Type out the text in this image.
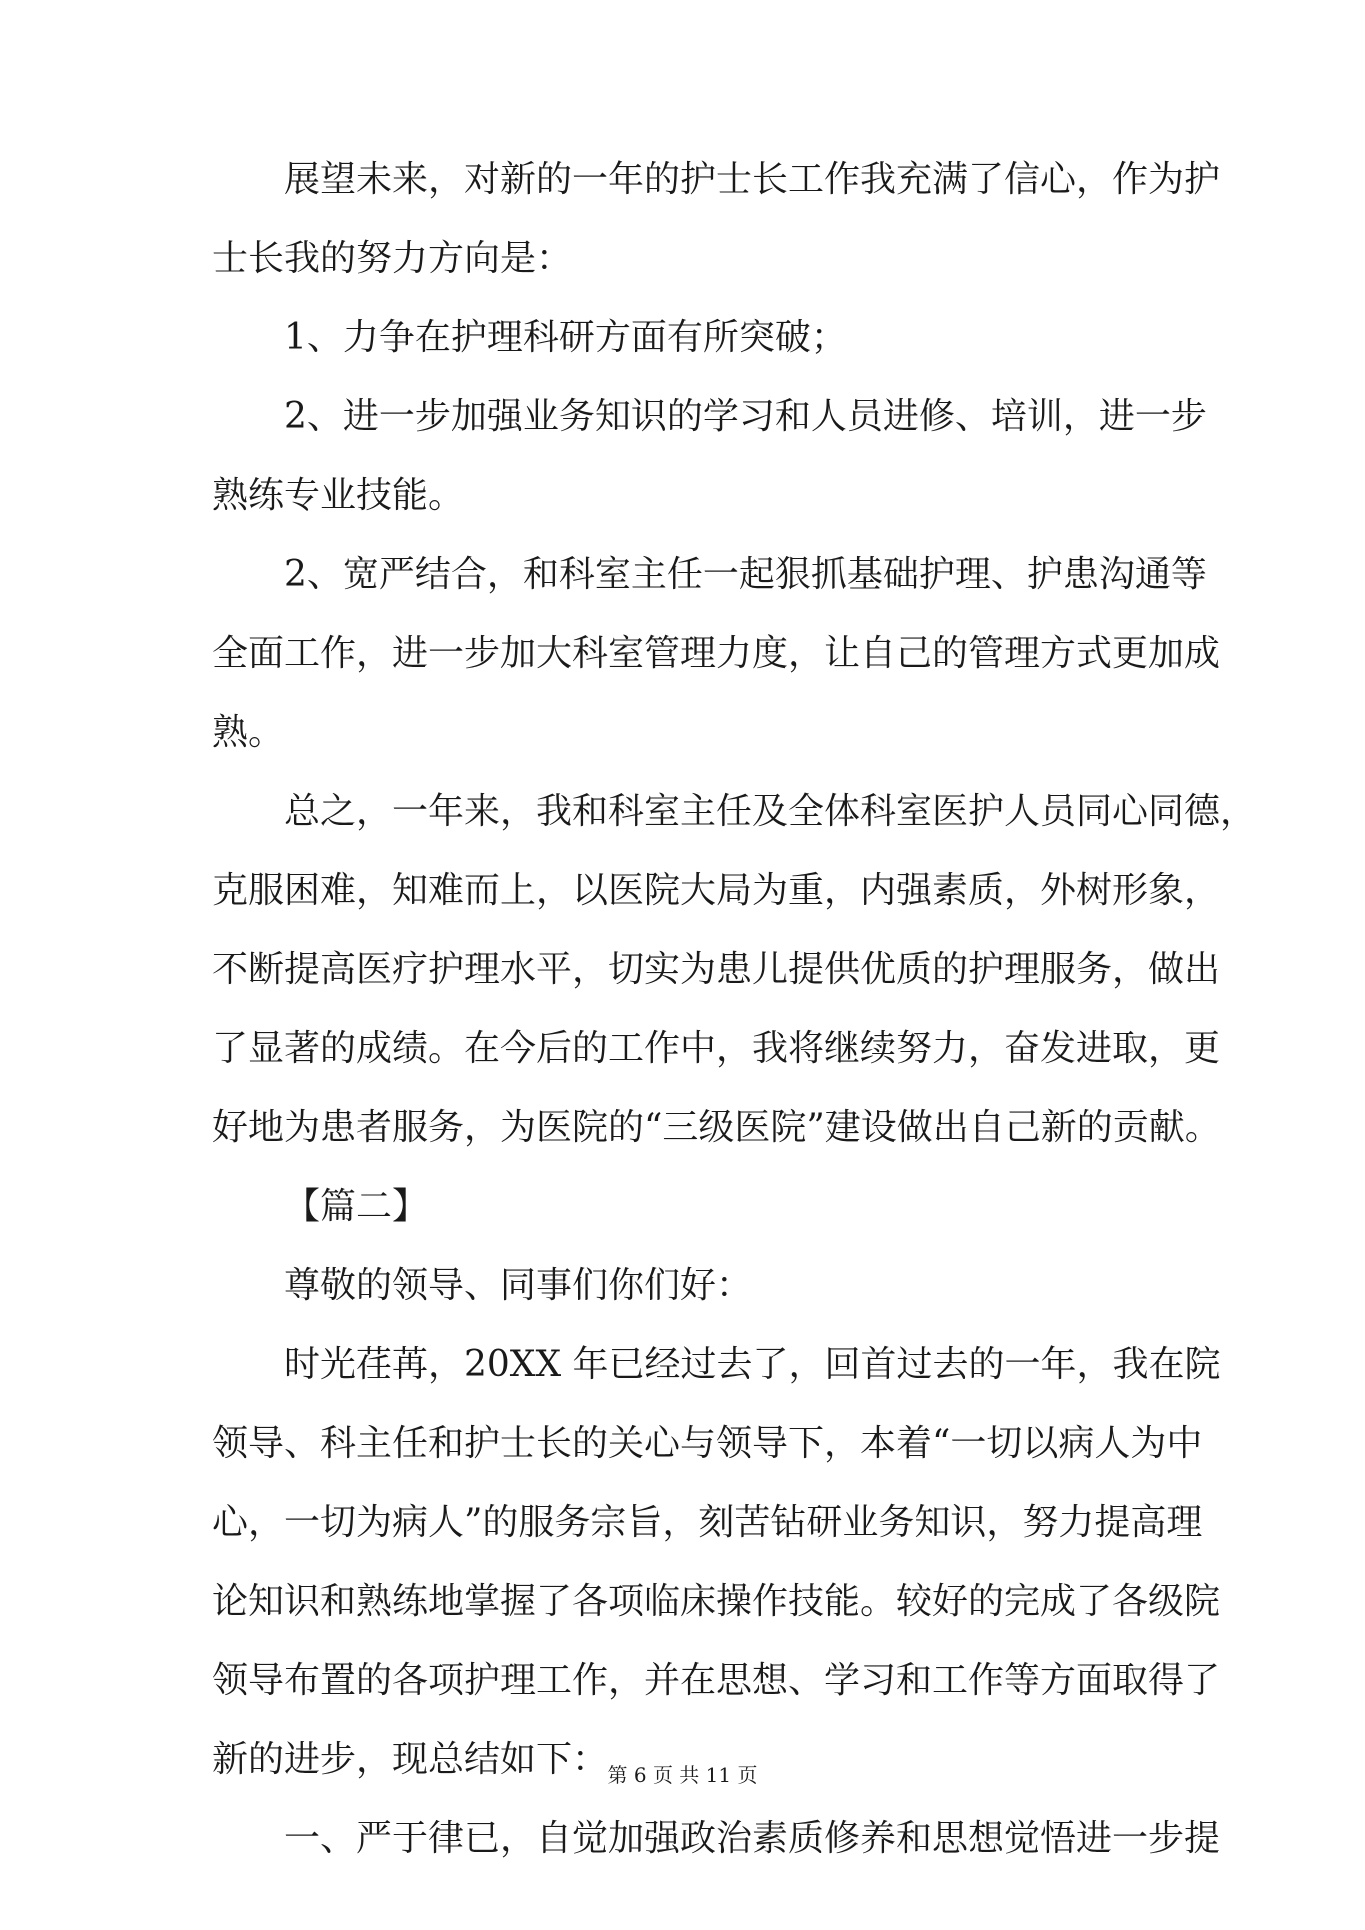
展望未来，对新的一年的护士长工作我充满了信心，作为护
士长我的努力方向是：
1、力争在护理科研方面有所突破；
2、进一步加强业务知识的学习和人员进修、培训，进一步
熟练专业技能。
2、宽严结合，和科室主任一起狠抓基础护理、护患沟通等
全面工作，进一步加大科室管理力度，让自己的管理方式更加成
熟。
总之，一年来，我和科室主任及全体科室医护人员同心同德，
克服困难，知难而上，以医院大局为重，内强素质，外树形象，
不断提高医疗护理水平，切实为患儿提供优质的护理服务，做出
了显著的成绩。在今后的工作中，我将继续努力，奋发进取，更
好地为患者服务，为医院的“三级医院”建设做出自己新的贡献。
【篇二】
尊敬的领导、同事们你们好：
时光荏苒，20XX 年已经过去了，回首过去的一年，我在院
领导、科主任和护士长的关心与领导下，本着“一切以病人为中
心，一切为病人”的服务宗旨，刻苦钻研业务知识，努力提高理
论知识和熟练地掌握了各项临床操作技能。较好的完成了各级院
领导布置的各项护理工作，并在思想、学习和工作等方面取得了
新的进步，现总结如下：
一、严于律已，自觉加强政治素质修养和思想觉悟进一步提
第 6 页 共 11 页
